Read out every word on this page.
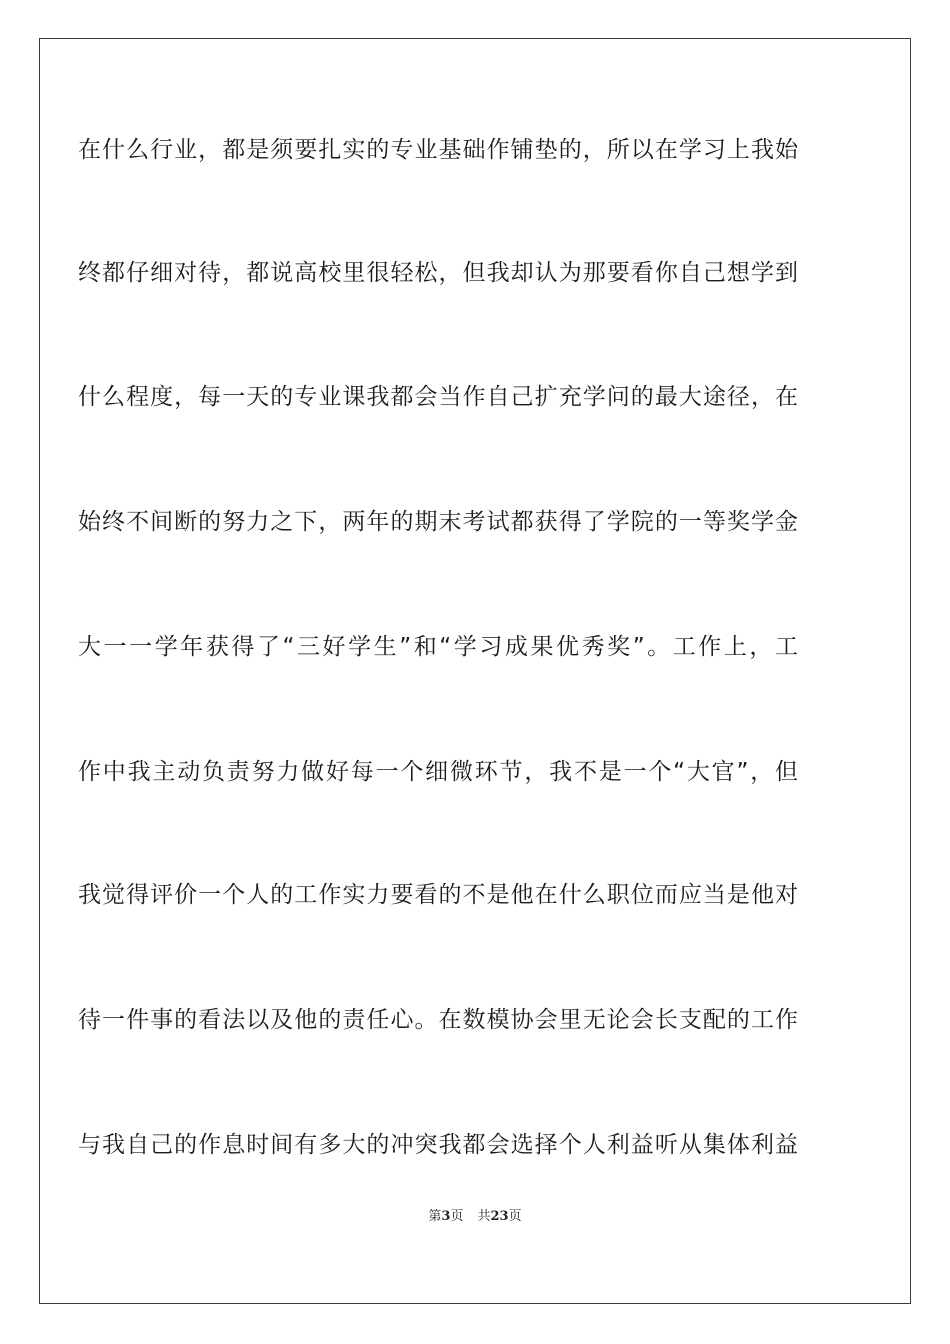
在什么行业，都是须要扎实的专业基础作铺垫的，所以在学习上我始
终都仔细对待，都说高校里很轻松，但我却认为那要看你自己想学到
什么程度，每一天的专业课我都会当作自己扩充学问的最大途径，在
始终不间断的努力之下，两年的期末考试都获得了学院的一等奖学金
大一一学年获得了“三好学生”和“学习成果优秀奖”。工作上，工
作中我主动负责努力做好每一个细微环节，我不是一个“大官”，但
我觉得评价一个人的工作实力要看的不是他在什么职位而应当是他对
待一件事的看法以及他的责任心。在数模协会里无论会长支配的工作
与我自己的作息时间有多大的冲突我都会选择个人利益听从集体利益
第3页 共23页
